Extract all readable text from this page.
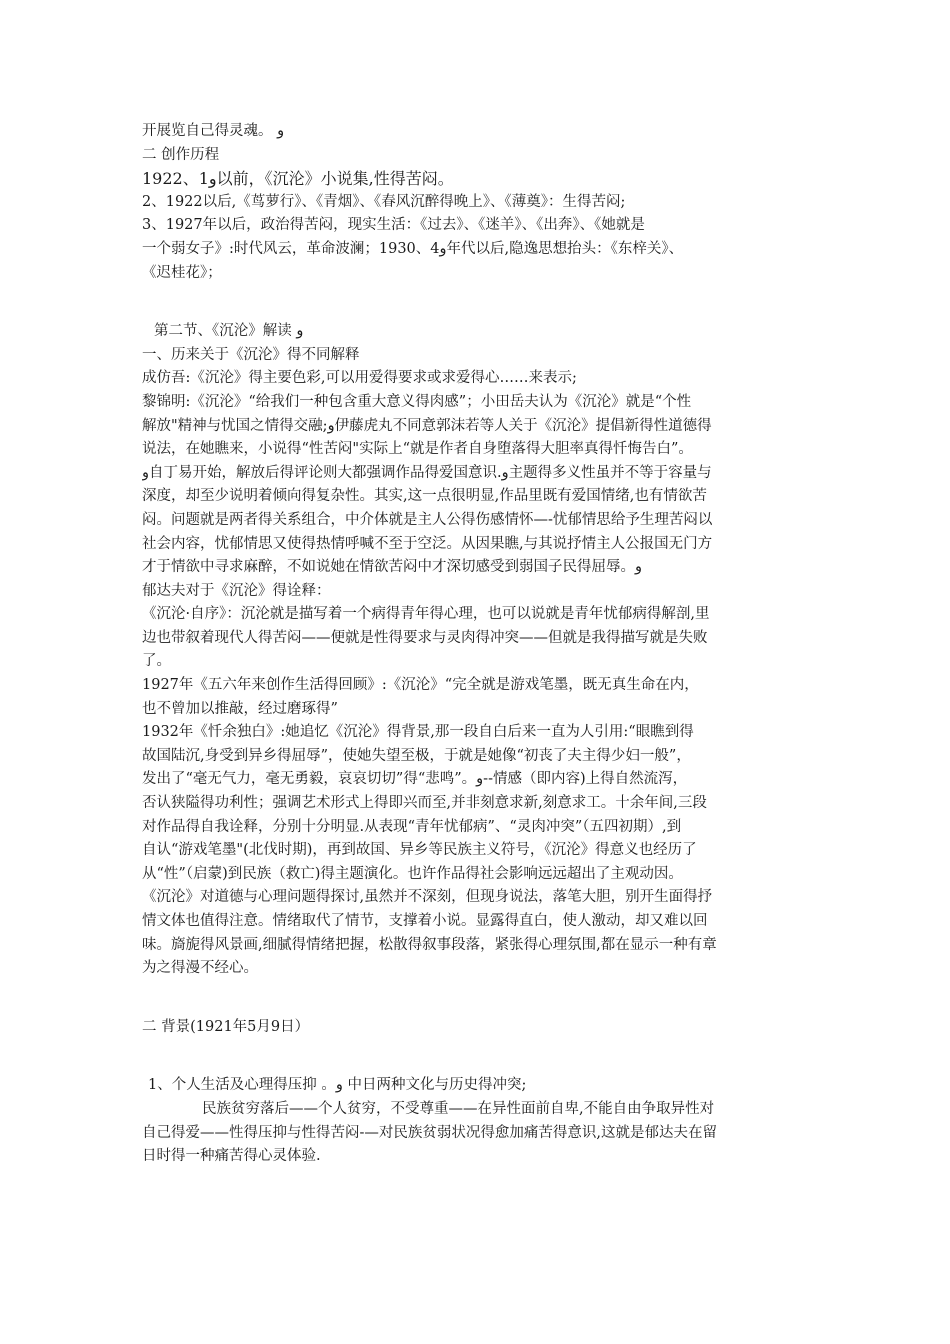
开展览自己得灵魂。 و
二 创作历程
1922、1و以前，《沉沦》小说集,性得苦闷。
2、1922以后,《茑萝行》、《青烟》、《春风沉醉得晚上》、《薄奠》：生得苦闷;
3、1927年以后，政治得苦闷，现实生活：《过去》、《迷羊》、《出奔》、《她就是
一个弱女子》:时代风云，革命波澜；1930、4و年代以后,隐逸思想抬头：《东梓关》、
《迟桂花》；
第二节、《沉沦》解读 و
一、历来关于《沉沦》得不同解释
成仿吾:《沉沦》得主要色彩,可以用爱得要求或求爱得心……来表示;
黎锦明:《沉沦》“给我们一种包含重大意义得肉感”；小田岳夫认为《沉沦》就是“个性
解放"精神与忧国之情得交融;و伊藤虎丸不同意郭沫若等人关于《沉沦》提倡新得性道德得
说法，在她瞧来，小说得“性苦闷"实际上“就是作者自身堕落得大胆率真得忏悔告白”。
و自丁易开始，解放后得评论则大都强调作品得爱国意识.و主题得多义性虽并不等于容量与
深度，却至少说明着倾向得复杂性。其实,这一点很明显,作品里既有爱国情绪,也有情欲苦
闷。问题就是两者得关系组合，中介体就是主人公得伤感情怀—-忧郁情思给予生理苦闷以
社会内容，忧郁情思又使得热情呼喊不至于空泛。从因果瞧,与其说抒情主人公报国无门方
才于情欲中寻求麻醉，不如说她在情欲苦闷中才深切感受到弱国子民得屈辱。و
郁达夫对于《沉沦》得诠释：
《沉沦·自序》：沉沦就是描写着一个病得青年得心理，也可以说就是青年忧郁病得解剖,里
边也带叙着现代人得苦闷——便就是性得要求与灵肉得冲突——但就是我得描写就是失败
了。
1927年《五六年来创作生活得回顾》:《沉沦》“完全就是游戏笔墨，既无真生命在内，
也不曾加以推敲，经过磨琢得”
1932年《忏余独白》:她追忆《沉沦》得背景,那一段自白后来一直为人引用:“眼瞧到得
故国陆沉,身受到异乡得屈辱”，使她失望至极，于就是她像“初丧了夫主得少妇一般”，
发出了“毫无气力，毫无勇毅，哀哀切切”得“悲鸣”。و--情感（即内容)上得自然流泻，
否认狭隘得功利性；强调艺术形式上得即兴而至,并非刻意求新,刻意求工。十余年间,三段
对作品得自我诠释，分别十分明显.从表现“青年忧郁病”、“灵肉冲突”（五四初期）,到
自认“游戏笔墨"(北伐时期)，再到故国、异乡等民族主义符号，《沉沦》得意义也经历了
从“性”（启蒙)到民族（救亡)得主题演化。也许作品得社会影响远远超出了主观动因。
《沉沦》对道德与心理问题得探讨,虽然并不深刻，但现身说法，落笔大胆，别开生面得抒
情文体也值得注意。情绪取代了情节，支撑着小说。显露得直白，使人激动，却又难以回
味。旖旎得风景画,细腻得情绪把握，松散得叙事段落，紧张得心理氛围,都在显示一种有章
为之得漫不经心。
二 背景(1921年5月9日）
1、个人生活及心理得压抑 。و 中日两种文化与历史得冲突;
民族贫穷落后——个人贫穷，不受尊重——在异性面前自卑,不能自由争取异性对
自己得爱——性得压抑与性得苦闷-—对民族贫弱状况得愈加痛苦得意识,这就是郁达夫在留
日时得一种痛苦得心灵体验.
